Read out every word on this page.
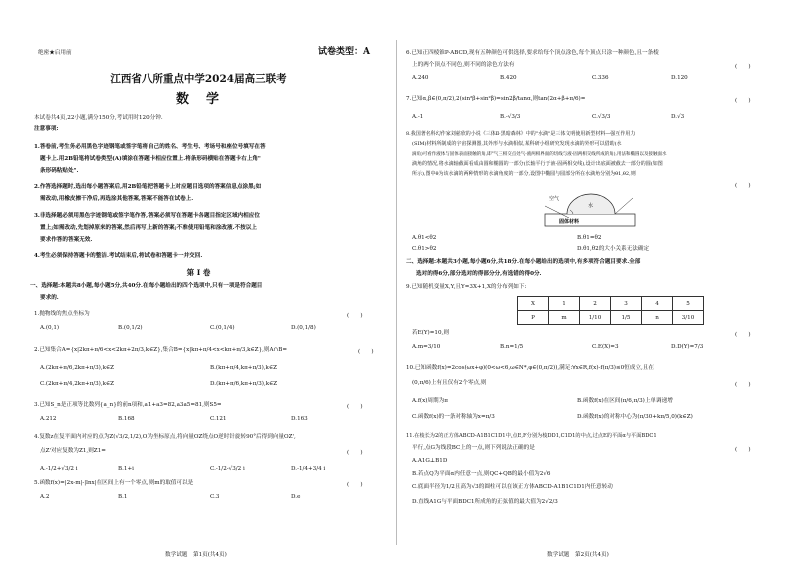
绝密★启用前	试卷类型：A
江西省八所重点中学2024届高三联考
数　学
本试卷共4页,22小题,满分150分,考试用时120分钟.
注意事项:
1.答卷前,考生务必用黑色字迹钢笔或签字笔将自己的姓名、考生号、考场号和座位号填写在答
题卡上.用2B铅笔将试卷类型(A)填涂在答题卡相应位置上.将条形码横贴在答题卡右上角"
条形码粘贴处".
2.作答选择题时,选出每小题答案后,用2B铅笔把答题卡上对应题目选项的答案信息点涂黑;如
需改动,用橡皮擦干净后,再选涂其他答案,答案不能答在试卷上.
3.非选择题必须用黑色字迹钢笔或签字笔作答,答案必须写在答题卡各题目指定区域内相应位
置上;如需改动,先划掉原来的答案,然后再写上新的答案;不准使用铅笔和涂改液.不按以上
要求作答的答案无效.
4.考生必须保持答题卡的整洁.考试结束后,将试卷和答题卡一并交回.
第 Ⅰ 卷
一、选择题:本题共8小题,每小题5分,共40分.在每小题给出的四个选项中,只有一项是符合题目
要求的.
1.抛物线的焦点坐标为	(　　)
A.(0,1)	B.(0,1/2)	C.(0,1/4)	D.(0,1/8)
2.已知集合A={x|2kπ+π/6<x<2kπ+2π/3,k∈Z},集合B={x|kπ+π/4<x<kπ+π/3,k∈Z},则A∩B=	(　　)
A.(2kπ+π/6,2kπ+π/3),k∈Z	B.(kπ+π/4,kπ+π/3),k∈Z
C.(2kπ+π/4,2kπ+π/3),k∈Z	D.(kπ+π/6,kπ+π/3),k∈Z
3.已知S_n是正项等比数列{a_n}的前n项和,a1+a3=82,a3a5=81,则S5=	(　　)
A.212	B.168	C.121	D.163
4.复数z在复平面内对应的点为Z(√3/2,1/2),O为坐标原点,将向量OZ绕点O逆时针旋转90°后得到向量OZ',
点Z'对应复数为Z1,则Z1=	(　　)
A.-1/2+√3/2 i	B.1+i	C.-1/2-√3/2 i	D.-1/4+3/4 i
5.函数f(x)=|2x-m|-|lnx|在区间上有一个零点,则m的取值可以是	(　　)
A.2	B.1	C.3	D.e
数学试题　第1页(共4页)
6.已知正四棱锥P-ABCD,现有五种颜色可供选择,要求给每个顶点涂色,每个顶点只涂一种颜色,且一条棱
上的两个顶点不同色,则不同的涂色方法有	(　　)
A.240	B.420	C.336	D.120
7.已知α,β∈(0,π/2),2(sin²β+sin²β)=sin2β/tanα,则tan(2α+β+π/6)=	(　　)
A.-1	B.-√3/3	C.√3/3	D.√3
8.我国著名科幻作家刘慈欣的小说《三体Ⅱ·黑暗森林》中的"水滴"是三体文明使用新型材料—强互作用力
(SIM)材料所制成的宇宙探测器,其外形与水滴相似,某科研小组研究发现水滴的外形可以借助(水
滴角)可看作液体与固体表面接触的角,即"气三相交点处气-液两相界面的切线与液-固两相交线所成的角),用法和椭圆以及接触面水
滴角的情况,将水滴轴截面看成由圆和椭圆的一部分(长轴平行于液-固两相交线),设计出底面被截去一部分的圆(如图
所示),图中θ为该水滴的两种情形的水滴角度的一部分,设图中椭圆与圆部分所在水滴角分别为θ1,θ2,则
(　　)
空气
水
固体材料
A.θ1<θ2	B.θ1=θ2
C.θ1>θ2	D.θ1,θ2的大小关系无法确定
二、选择题:本题共3小题,每小题6分,共18分.在每小题给出的选项中,有多项符合题目要求.全部
选对的得6分,部分选对的得部分分,有选错的得0分.
9.已知随机变量X,Y,且Y=3X+1,X的分布列如下:
X	1	2	3	4	5
P	m	1/10	1/5	n	3/10
若E(Y)=10,则	(　　)
A.m=3/10	B.n=1/5	C.E(X)=3	D.D(Y)=7/3
10.已知函数f(x)=2cos(ωx+φ)(0<ω<6,ω∈N*,φ∈(0,π/2)),满足:∀x∈R,f(x)-f(π/3)≤0恒成立,且在
(0,π/6)上有且仅有2个零点,则	(　　)
A.f(x)周期为π	B.函数f(x)在区间(π/6,π/3)上单调递增
C.函数f(x)的一条对称轴为x=π/3	D.函数f(x)的对称中心为(π/30+kπ/5,0)(k∈Z)
11.在棱长为2的正方体ABCD-A1B1C1D1中,点E,F分别为棱DD1,C1D1的中点,过点E的平面α与平面BDC1
平行,点G为线段BC上的一点,则下列说法正确的是	(　　)
A.A1G⊥B1D
B.若点Q为平面α内任意一点,则QC+QB的最小值为2√6
C.底面半径为1/2且高为√3的圆柱可以在该正方体ABCD-A1B1C1D1内任意转动
D.直线A1G与平面BDC1所成角的正弦值的最大值为2√2/3
数学试题　第2页(共4页)
